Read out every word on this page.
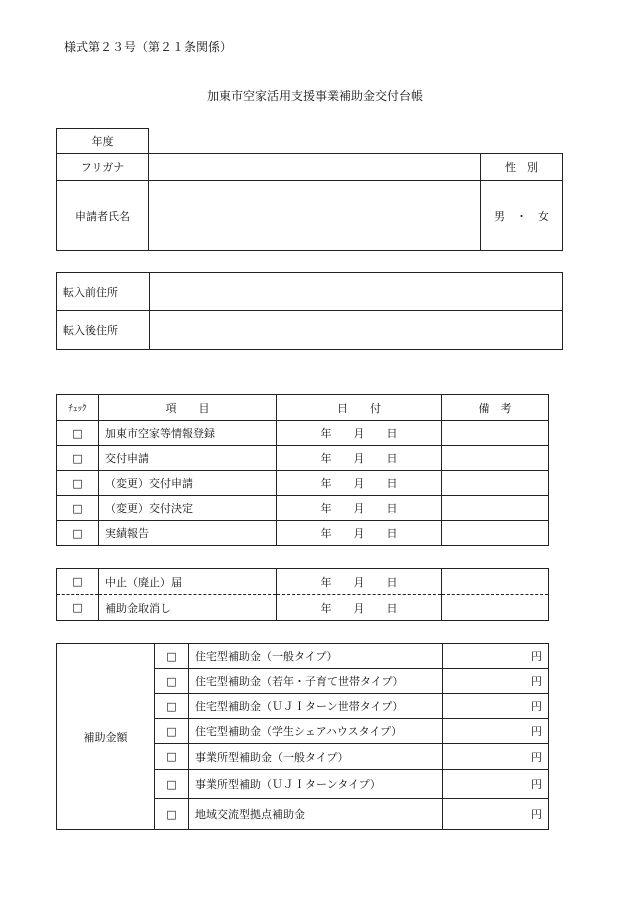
様式第２３号（第２１条関係）
加東市空家活用支援事業補助金交付台帳
年度		
フリガナ		性　別
申請者氏名		男　・　女
転入前住所	
転入後住所	
ﾁｪｯｸ	項　　目	日　　付	備　考
□	加東市空家等情報登録	年　　月　　日	
□	交付申請	年　　月　　日	
□	（変更）交付申請	年　　月　　日	
□	（変更）交付決定	年　　月　　日	
□	実績報告	年　　月　　日	
□	中止（廃止）届	年　　月　　日	
□	補助金取消し	年　　月　　日	
補助金額	□	住宅型補助金（一般タイプ）	円
	□	住宅型補助金（若年・子育て世帯タイプ）	円
	□	住宅型補助金（ＵＪＩターン世帯タイプ）	円
	□	住宅型補助金（学生シェアハウスタイプ）	円
	□	事業所型補助金（一般タイプ）	円
	□	事業所型補助（ＵＪＩターンタイプ）	円
	□	地域交流型拠点補助金	円
